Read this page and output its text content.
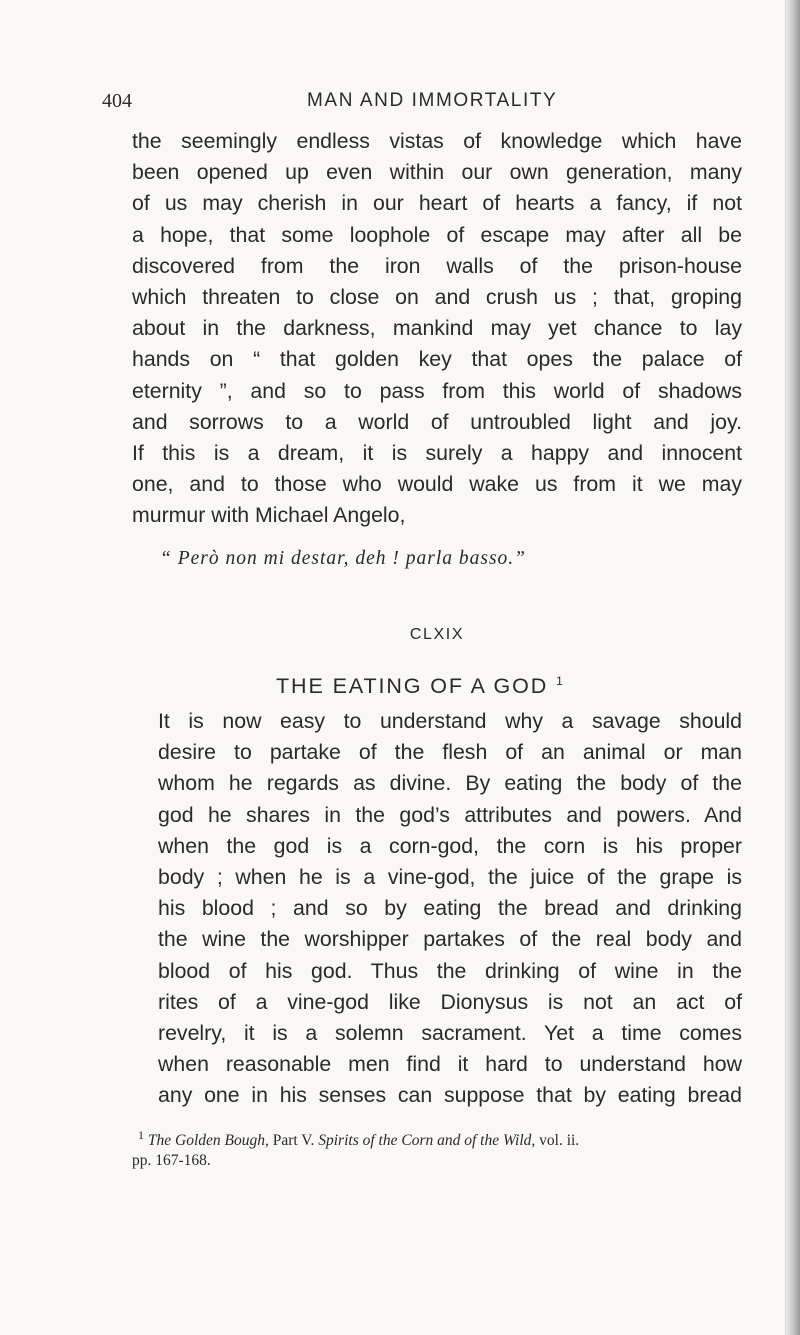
404	MAN AND IMMORTALITY
the seemingly endless vistas of knowledge which have
been opened up even within our own generation, many
of us may cherish in our heart of hearts a fancy, if not
a hope, that some loophole of escape may after all be
discovered from the iron walls of the prison-house
which threaten to close on and crush us ; that, groping
about in the darkness, mankind may yet chance to lay
hands on “ that golden key that opes the palace of
eternity ”, and so to pass from this world of shadows
and sorrows to a world of untroubled light and joy.
If this is a dream, it is surely a happy and innocent
one, and to those who would wake us from it we may
murmur with Michael Angelo,
“ Però non mi destar, deh ! parla basso.”
CLXIX
THE EATING OF A GOD $^1$
It is now easy to understand why a savage should
desire to partake of the flesh of an animal or man
whom he regards as divine. By eating the body of the
god he shares in the god’s attributes and powers. And
when the god is a corn-god, the corn is his proper
body ; when he is a vine-god, the juice of the grape is
his blood ; and so by eating the bread and drinking
the wine the worshipper partakes of the real body and
blood of his god. Thus the drinking of wine in the
rites of a vine-god like Dionysus is not an act of
revelry, it is a solemn sacrament. Yet a time comes
when reasonable men find it hard to understand how
any one in his senses can suppose that by eating bread
$^1$ The Golden Bough, Part V. Spirits of the Corn and of the Wild, vol. ii.
pp. 167-168.
